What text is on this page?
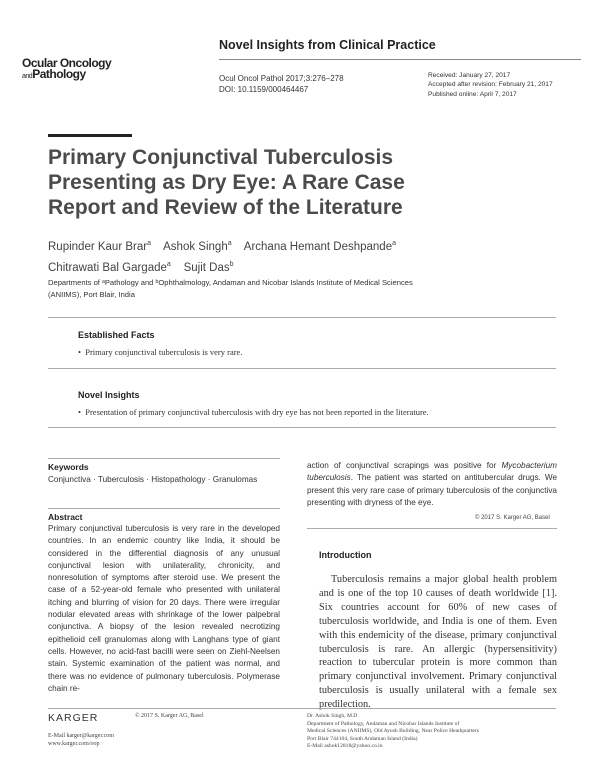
Ocular Oncology
andPathology
Novel Insights from Clinical Practice
Ocul Oncol Pathol 2017;3:276–278
DOI: 10.1159/000464467
Received: January 27, 2017
Accepted after revision: February 21, 2017
Published online: April 7, 2017
Primary Conjunctival Tuberculosis
Presenting as Dry Eye: A Rare Case
Report and Review of the Literature
Rupinder Kaur Brar$^a$ Ashok Singh$^a$ Archana Hemant Deshpande$^a$
Chitrawati Bal Gargade$^a$ Sujit Das$^b$
Departments of ᵃPathology and ᵇOphthalmology, Andaman and Nicobar Islands Institute of Medical Sciences
(ANIIMS), Port Blair, India
Established Facts
•  Primary conjunctival tuberculosis is very rare.
Novel Insights
•  Presentation of primary conjunctival tuberculosis with dry eye has not been reported in the literature.
Keywords
Conjunctiva · Tuberculosis · Histopathology · Granulomas
Abstract
Primary conjunctival tuberculosis is very rare in the developed countries. In an endemic country like India, it should be considered in the differential diagnosis of any unusual conjunctival lesion with unilaterality, chronicity, and nonresolution of symptoms after steroid use. We present the case of a 52-year-old female who presented with unilateral itching and blurring of vision for 20 days. There were irregular nodular elevated areas with shrinkage of the lower palpebral conjunctiva. A biopsy of the lesion revealed necrotizing epithelioid cell granulomas along with Langhans type of giant cells. However, no acid-fast bacilli were seen on Ziehl-Neelsen stain. Systemic examination of the patient was normal, and there was no evidence of pulmonary tuberculosis. Polymerase chain re-
action of conjunctival scrapings was positive for Mycobacterium tuberculosis. The patient was started on antitubercular drugs. We present this very rare case of primary tuberculosis of the conjunctiva presenting with dryness of the eye.
© 2017 S. Karger AG, Basel
Introduction
Tuberculosis remains a major global health problem and is one of the top 10 causes of death worldwide [1]. Six countries account for 60% of new cases of tuberculosis worldwide, and India is one of them. Even with this endemicity of the disease, primary conjunctival tuberculosis is rare. An allergic (hypersensitivity) reaction to tubercular protein is more common than primary conjunctival involvement. Primary conjunctival tuberculosis is usually unilateral with a female sex predilection.
KARGER	© 2017 S. Karger AG, Basel
E-Mail karger@karger.com
www.karger.com/oop
Dr. Ashok Singh, M.D
Department of Pathology, Andaman and Nicobar Islands Institute of
Medical Sciences (ANIIMS), Old Ayush Building, Near Police Headquarters
Port Blair 744104, South Andaman Island (India)
E-Mail ashok12818@yahoo.co.in
